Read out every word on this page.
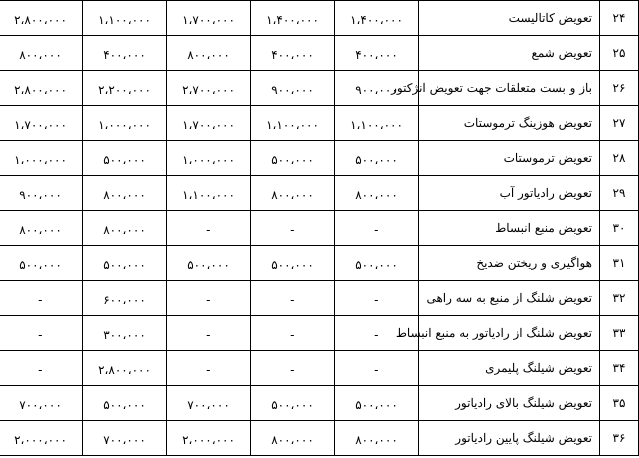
۲،۸۰۰،۰۰۰	۱،۱۰۰،۰۰۰	۱،۷۰۰،۰۰۰	۱،۴۰۰،۰۰۰	۱،۴۰۰،۰۰۰	تعویض کاتالیست	۲۴
۸۰۰،۰۰۰	۴۰۰،۰۰۰	۸۰۰،۰۰۰	۴۰۰،۰۰۰	۴۰۰،۰۰۰	تعویض شمع	۲۵
۲،۸۰۰،۰۰۰	۲،۲۰۰،۰۰۰	۲،۷۰۰،۰۰۰	۹۰۰،۰۰۰	۹۰۰،۰۰۰	باز و بست متعلقات جهت تعویض انژکتور	۲۶
۱،۷۰۰،۰۰۰	۱،۰۰۰،۰۰۰	۱،۷۰۰،۰۰۰	۱،۱۰۰،۰۰۰	۱،۱۰۰،۰۰۰	تعویض هوزینگ ترموستات	۲۷
۱،۰۰۰،۰۰۰	۵۰۰،۰۰۰	۱،۰۰۰،۰۰۰	۵۰۰،۰۰۰	۵۰۰،۰۰۰	تعویض ترموستات	۲۸
۹۰۰،۰۰۰	۸۰۰،۰۰۰	۱،۱۰۰،۰۰۰	۸۰۰،۰۰۰	۸۰۰،۰۰۰	تعویض رادیاتور آب	۲۹
۸۰۰،۰۰۰	۸۰۰،۰۰۰	-	-	-	تعویض منبع انبساط	۳۰
۵۰۰،۰۰۰	۵۰۰،۰۰۰	۵۰۰،۰۰۰	۵۰۰،۰۰۰	۵۰۰،۰۰۰	هواگیری و ریختن ضدیخ	۳۱
-	۶۰۰،۰۰۰	-	-	-	تعویض شلنگ از منبع به سه راهی	۳۲
-	۳۰۰،۰۰۰	-	-	-	تعویض شلنگ از رادیاتور به منبع انبساط	۳۳
-	۲،۸۰۰،۰۰۰	-	-	-	تعویض شیلنگ پلیمری	۳۴
۷۰۰،۰۰۰	۵۰۰،۰۰۰	۷۰۰،۰۰۰	۵۰۰،۰۰۰	۵۰۰،۰۰۰	تعویض شیلنگ بالای رادیاتور	۳۵
۲،۰۰۰،۰۰۰	۷۰۰،۰۰۰	۲،۰۰۰،۰۰۰	۸۰۰،۰۰۰	۸۰۰،۰۰۰	تعویض شیلنگ پایین رادیاتور	۳۶
